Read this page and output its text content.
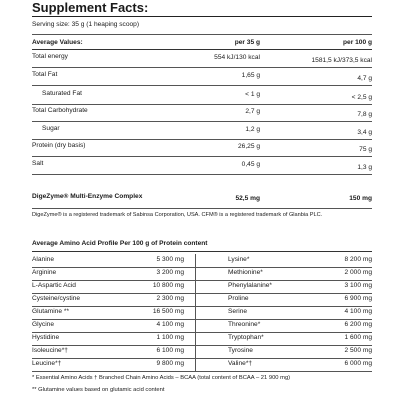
Supplement Facts:
Serving size: 35 g (1 heaping scoop)
Average Values:	per 35 g	per 100 g
Total energy	554 kJ/130 kcal	1581,5 kJ/373,5 kcal
Total Fat	1,65 g	4,7 g
Saturated Fat	< 1 g	< 2,5 g
Total Carbohydrate	2,7 g	7,8 g
Sugar	1,2 g	3,4 g
Protein (dry basis)	26,25 g	75 g
Salt	0,45 g	1,3 g
DigeZyme® Multi-Enzyme Complex	52,5 mg	150 mg
DigeZyme® is a registered trademark of Sabinsa Corporation, USA. CFM® is a registered trademark of Glanbia PLC.
Average Amino Acid Profile Per 100 g of Protein content
Alanine	5 300 mg
Arginine	3 200 mg
L-Aspartic Acid	10 800 mg
Cysteine/cystine	2 300 mg
Glutamine **	16 500 mg
Glycine	4 100 mg
Hystidine	1 100 mg
Isoleucine*†	6 100 mg
Leucine*†	9 800 mg
Lysine*	8 200 mg
Methionine*	2 000 mg
Phenylalanine*	3 100 mg
Proline	6 900 mg
Serine	4 100 mg
Threonine*	6 200 mg
Tryptophan*	1 600 mg
Tyrosine	2 500 mg
Valine*†	6 000 mg
* Essential Amino Acids † Branched Chain Amino Acids – BCAA (total content of BCAA – 21 900 mg)
** Glutamine values based on glutamic acid content
